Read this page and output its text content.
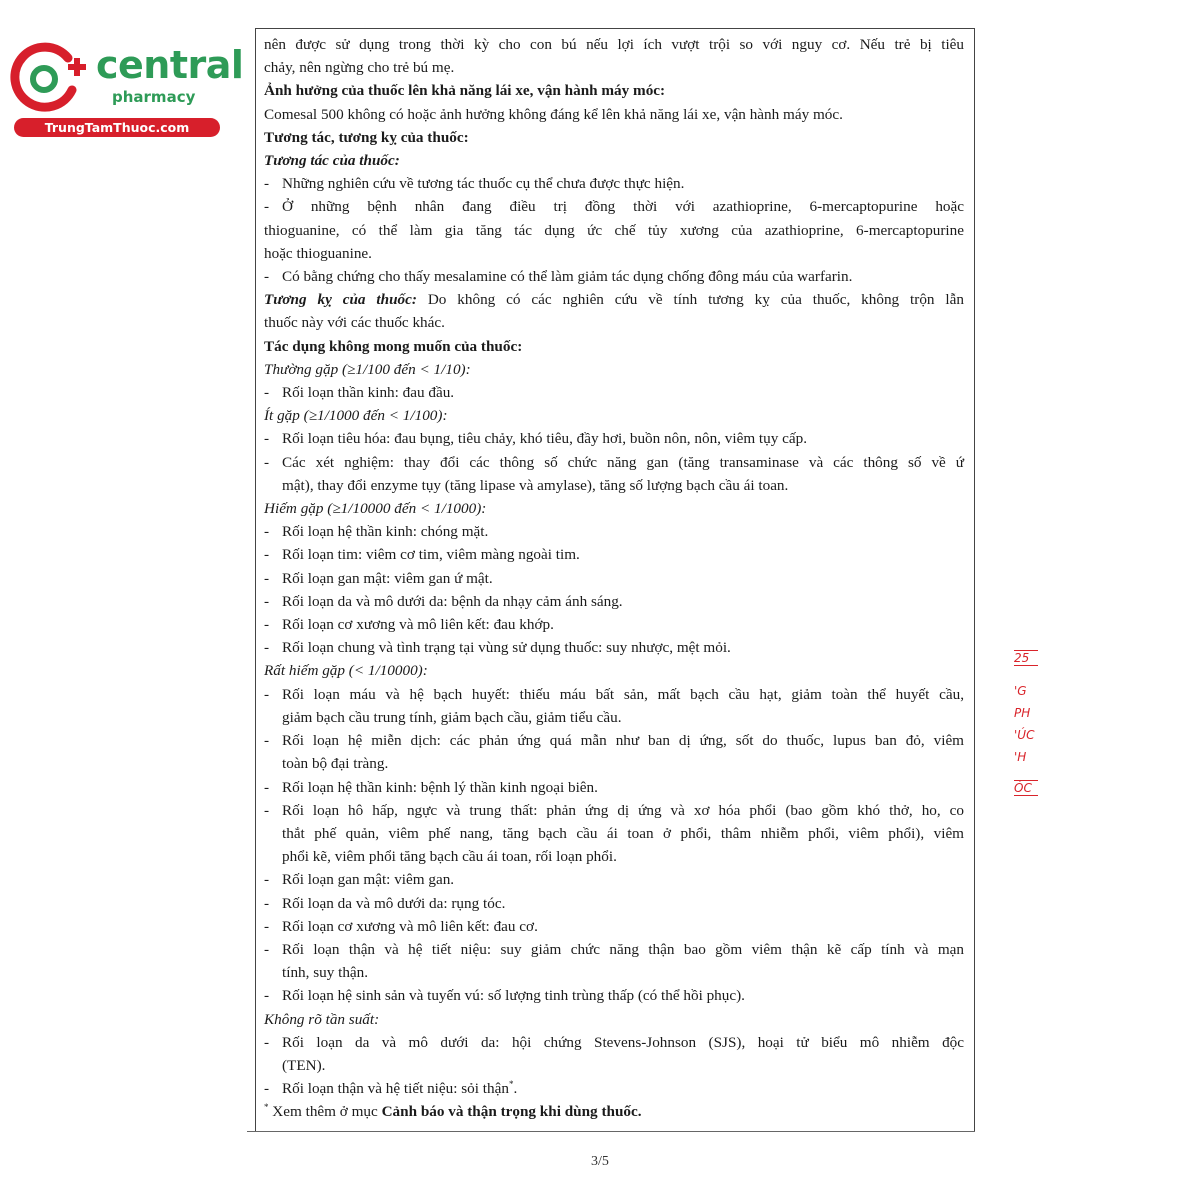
central
pharmacy
TrungTamThuoc.com

nên được sử dụng trong thời kỳ cho con bú nếu lợi ích vượt trội so với nguy cơ. Nếu trẻ bị tiêu

chảy, nên ngừng cho trẻ bú mẹ.

Ảnh hưởng của thuốc lên khả năng lái xe, vận hành máy móc:

Comesal 500 không có hoặc ảnh hưởng không đáng kể lên khả năng lái xe, vận hành máy móc.

Tương tác, tương kỵ của thuốc:

Tương tác của thuốc:

- Những nghiên cứu về tương tác thuốc cụ thể chưa được thực hiện.
- Ở những bệnh nhân đang điều trị đồng thời với azathioprine, 6-mercaptopurine hoặc

thioguanine, có thể làm gia tăng tác dụng ức chế tủy xương của azathioprine, 6-mercaptopurine

hoặc thioguanine.

- Có bằng chứng cho thấy mesalamine có thể làm giảm tác dụng chống đông máu của warfarin.

Tương kỵ của thuốc: Do không có các nghiên cứu về tính tương kỵ của thuốc, không trộn lẫn

thuốc này với các thuốc khác.

Tác dụng không mong muốn của thuốc:

Thường gặp (≥1/100 đến < 1/10):

- Rối loạn thần kinh: đau đầu.

Ít gặp (≥1/1000 đến < 1/100):

- Rối loạn tiêu hóa: đau bụng, tiêu chảy, khó tiêu, đầy hơi, buồn nôn, nôn, viêm tụy cấp.
- Các xét nghiệm: thay đổi các thông số chức năng gan (tăng transaminase và các thông số về ứ

mật), thay đổi enzyme tụy (tăng lipase và amylase), tăng số lượng bạch cầu ái toan.

Hiếm gặp (≥1/10000 đến < 1/1000):

- Rối loạn hệ thần kinh: chóng mặt.
- Rối loạn tim: viêm cơ tim, viêm màng ngoài tim.
- Rối loạn gan mật: viêm gan ứ mật.
- Rối loạn da và mô dưới da: bệnh da nhạy cảm ánh sáng.
- Rối loạn cơ xương và mô liên kết: đau khớp.
- Rối loạn chung và tình trạng tại vùng sử dụng thuốc: suy nhược, mệt mỏi.

Rất hiếm gặp (< 1/10000):

- Rối loạn máu và hệ bạch huyết: thiếu máu bất sản, mất bạch cầu hạt, giảm toàn thể huyết cầu,

giảm bạch cầu trung tính, giảm bạch cầu, giảm tiểu cầu.

- Rối loạn hệ miễn dịch: các phản ứng quá mẫn như ban dị ứng, sốt do thuốc, lupus ban đỏ, viêm

toàn bộ đại tràng.

- Rối loạn hệ thần kinh: bệnh lý thần kinh ngoại biên.
- Rối loạn hô hấp, ngực và trung thất: phản ứng dị ứng và xơ hóa phổi (bao gồm khó thở, ho, co

thắt phế quản, viêm phế nang, tăng bạch cầu ái toan ở phổi, thâm nhiễm phổi, viêm phổi), viêm

phổi kẽ, viêm phổi tăng bạch cầu ái toan, rối loạn phổi.

- Rối loạn gan mật: viêm gan.
- Rối loạn da và mô dưới da: rụng tóc.
- Rối loạn cơ xương và mô liên kết: đau cơ.
- Rối loạn thận và hệ tiết niệu: suy giảm chức năng thận bao gồm viêm thận kẽ cấp tính và mạn

tính, suy thận.

- Rối loạn hệ sinh sản và tuyến vú: số lượng tinh trùng thấp (có thể hồi phục).

Không rõ tần suất:

- Rối loạn da và mô dưới da: hội chứng Stevens-Johnson (SJS), hoại tử biểu mô nhiễm độc

(TEN).

- Rối loạn thận và hệ tiết niệu: sỏi thận*.

* Xem thêm ở mục Cảnh báo và thận trọng khi dùng thuốc.

25
'G
PH
'ÚC
'H
ÓC
3/5
